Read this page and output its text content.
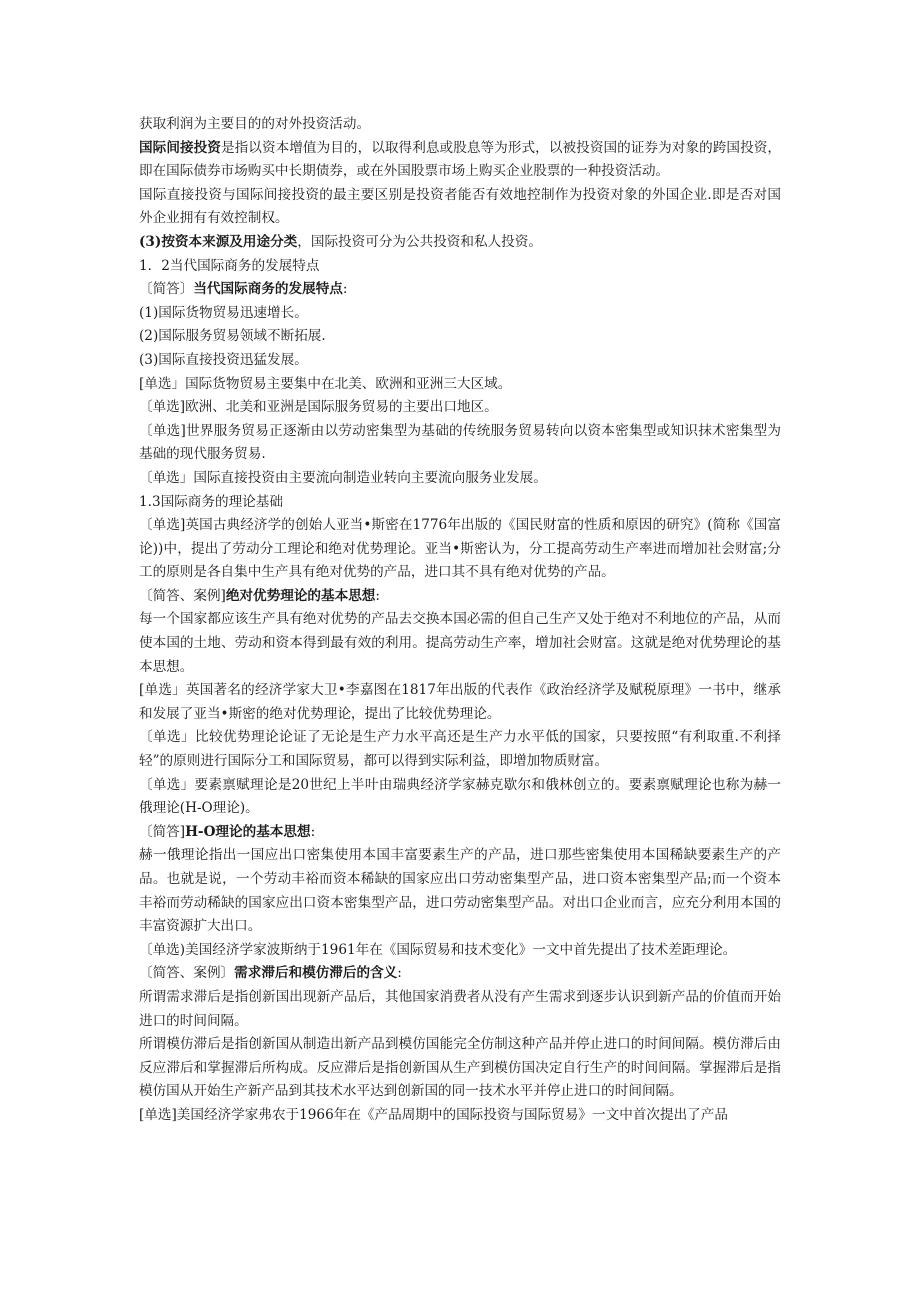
获取利润为主要目的的对外投资活动。

国际间接投资是指以资本增值为目的，以取得利息或股息等为形式，以被投资国的证券为对象的跨国投资，即在国际债券市场购买中长期债券，或在外国股票市场上购买企业股票的一种投资活动。

国际直接投资与国际间接投资的最主要区别是投资者能否有效地控制作为投资对象的外国企业.即是否对国外企业拥有有效控制权。

(3)按资本来源及用途分类，国际投资可分为公共投资和私人投资。

1．2当代国际商务的发展特点

〔简答〕当代国际商务的发展特点:

(1)国际货物贸易迅速增长。

(2)国际服务贸易领域不断拓展.

(3)国际直接投资迅猛发展。

[单选」国际货物贸易主要集中在北美、欧洲和亚洲三大区域。

〔单选]欧洲、北美和亚洲是国际服务贸易的主要出口地区。

〔单选]世界服务贸易正逐渐由以劳动密集型为基础的传统服务贸易转向以资本密集型或知识抹术密集型为基础的现代服务贸易.

〔单选」国际直接投资由主要流向制造业转向主要流向服务业发展。

1.3国际商务的理论基础

〔单选]英国古典经济学的创始人亚当•斯密在1776年出版的《国民财富的性质和原因的研究》(简称《国富论))中，提出了劳动分工理论和绝对优势理论。亚当•斯密认为，分工提高劳动生产率进而增加社会财富;分工的原则是各自集中生产具有绝对优势的产品，进口其不具有绝对优势的产品。

〔简答、案例]绝对优势理论的基本思想:

每一个国家都应该生产具有绝对优势的产品去交换本国必需的但自己生产又处于绝对不利地位的产品，从而使本国的土地、劳动和资本得到最有效的利用。提高劳动生产率，增加社会财富。这就是绝对优势理论的基本思想。

[单选」英国著名的经济学家大卫•李嘉图在1817年出版的代表作《政治经济学及赋税原理》一书中，继承和发展了亚当•斯密的绝对优势理论，提出了比较优势理论。

〔单选」比较优势理论论证了无论是生产力水平高还是生产力水平低的国家，只要按照“有利取重.不利择轻”的原则进行国际分工和国际贸易，都可以得到实际利益，即增加物质财富。

〔单选」要素禀赋理论是20世纪上半叶由瑞典经济学家赫克歇尔和俄林创立的。要素禀赋理论也称为赫一俄理论(H-O理论)。

〔简答]H-O理论的基本思想:

赫一俄理论指出一国应出口密集使用本国丰富要素生产的产品，进口那些密集使用本国稀缺要素生产的产品。也就是说，一个劳动丰裕而资本稀缺的国家应出口劳动密集型产品，进口资本密集型产品;而一个资本丰裕而劳动稀缺的国家应出口资本密集型产品，进口劳动密集型产品。对出口企业而言，应充分利用本国的丰富资源扩大出口。

〔单选)美国经济学家波斯纳于1961年在《国际贸易和技术变化》一文中首先提出了技术差距理论。

〔简答、案例〕需求滞后和模仿滞后的含义:

所谓需求滞后是指创新国出现新产品后，其他国家消费者从没有产生需求到逐步认识到新产品的价值而开始进口的时间间隔。

所谓模仿滞后是指创新国从制造出新产品到模仿国能完全仿制这种产品并停止进口的时间间隔。模仿滞后由反应滞后和掌握滞后所构成。反应滞后是指创新国从生产到模仿国决定自行生产的时间间隔。掌握滞后是指模仿国从开始生产新产品到其技术水平达到创新国的同一技术水平并停止进口的时间间隔。

[单选]美国经济学家弗农于1966年在《产品周期中的国际投资与国际贸易》一文中首次提出了产品
